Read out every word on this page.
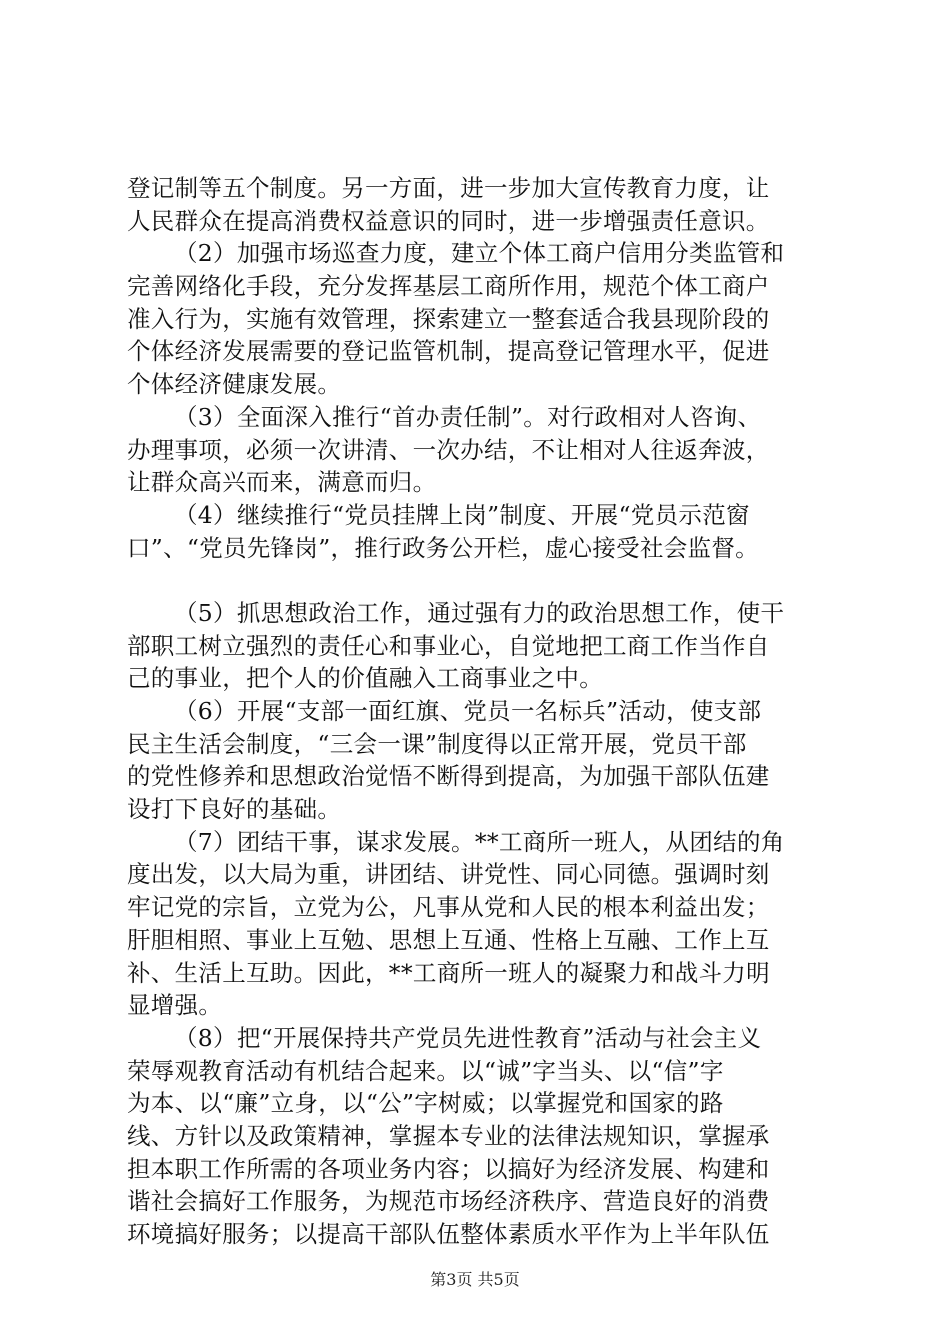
登记制等五个制度。另一方面，进一步加大宣传教育力度，让
人民群众在提高消费权益意识的同时，进一步增强责任意识。
（2）加强市场巡查力度，建立个体工商户信用分类监管和
完善网络化手段，充分发挥基层工商所作用，规范个体工商户
准入行为，实施有效管理，探索建立一整套适合我县现阶段的
个体经济发展需要的登记监管机制，提高登记管理水平，促进
个体经济健康发展。
（3）全面深入推行“首办责任制”。对行政相对人咨询、
办理事项，必须一次讲清、一次办结，不让相对人往返奔波，
让群众高兴而来，满意而归。
（4）继续推行“党员挂牌上岗”制度、开展“党员示范窗
口”、“党员先锋岗”，推行政务公开栏，虚心接受社会监督。
（5）抓思想政治工作，通过强有力的政治思想工作，使干
部职工树立强烈的责任心和事业心，自觉地把工商工作当作自
己的事业，把个人的价值融入工商事业之中。
（6）开展“支部一面红旗、党员一名标兵”活动，使支部
民主生活会制度，“三会一课”制度得以正常开展，党员干部
的党性修养和思想政治觉悟不断得到提高，为加强干部队伍建
设打下良好的基础。
（7）团结干事，谋求发展。**工商所一班人，从团结的角
度出发，以大局为重，讲团结、讲党性、同心同德。强调时刻
牢记党的宗旨，立党为公，凡事从党和人民的根本利益出发；
肝胆相照、事业上互勉、思想上互通、性格上互融、工作上互
补、生活上互助。因此，**工商所一班人的凝聚力和战斗力明
显增强。
（8）把“开展保持共产党员先进性教育”活动与社会主义
荣辱观教育活动有机结合起来。以“诚”字当头、以“信”字
为本、以“廉”立身，以“公”字树威；以掌握党和国家的路
线、方针以及政策精神，掌握本专业的法律法规知识，掌握承
担本职工作所需的各项业务内容；以搞好为经济发展、构建和
谐社会搞好工作服务，为规范市场经济秩序、营造良好的消费
环境搞好服务；以提高干部队伍整体素质水平作为上半年队伍
第3页 共5页
